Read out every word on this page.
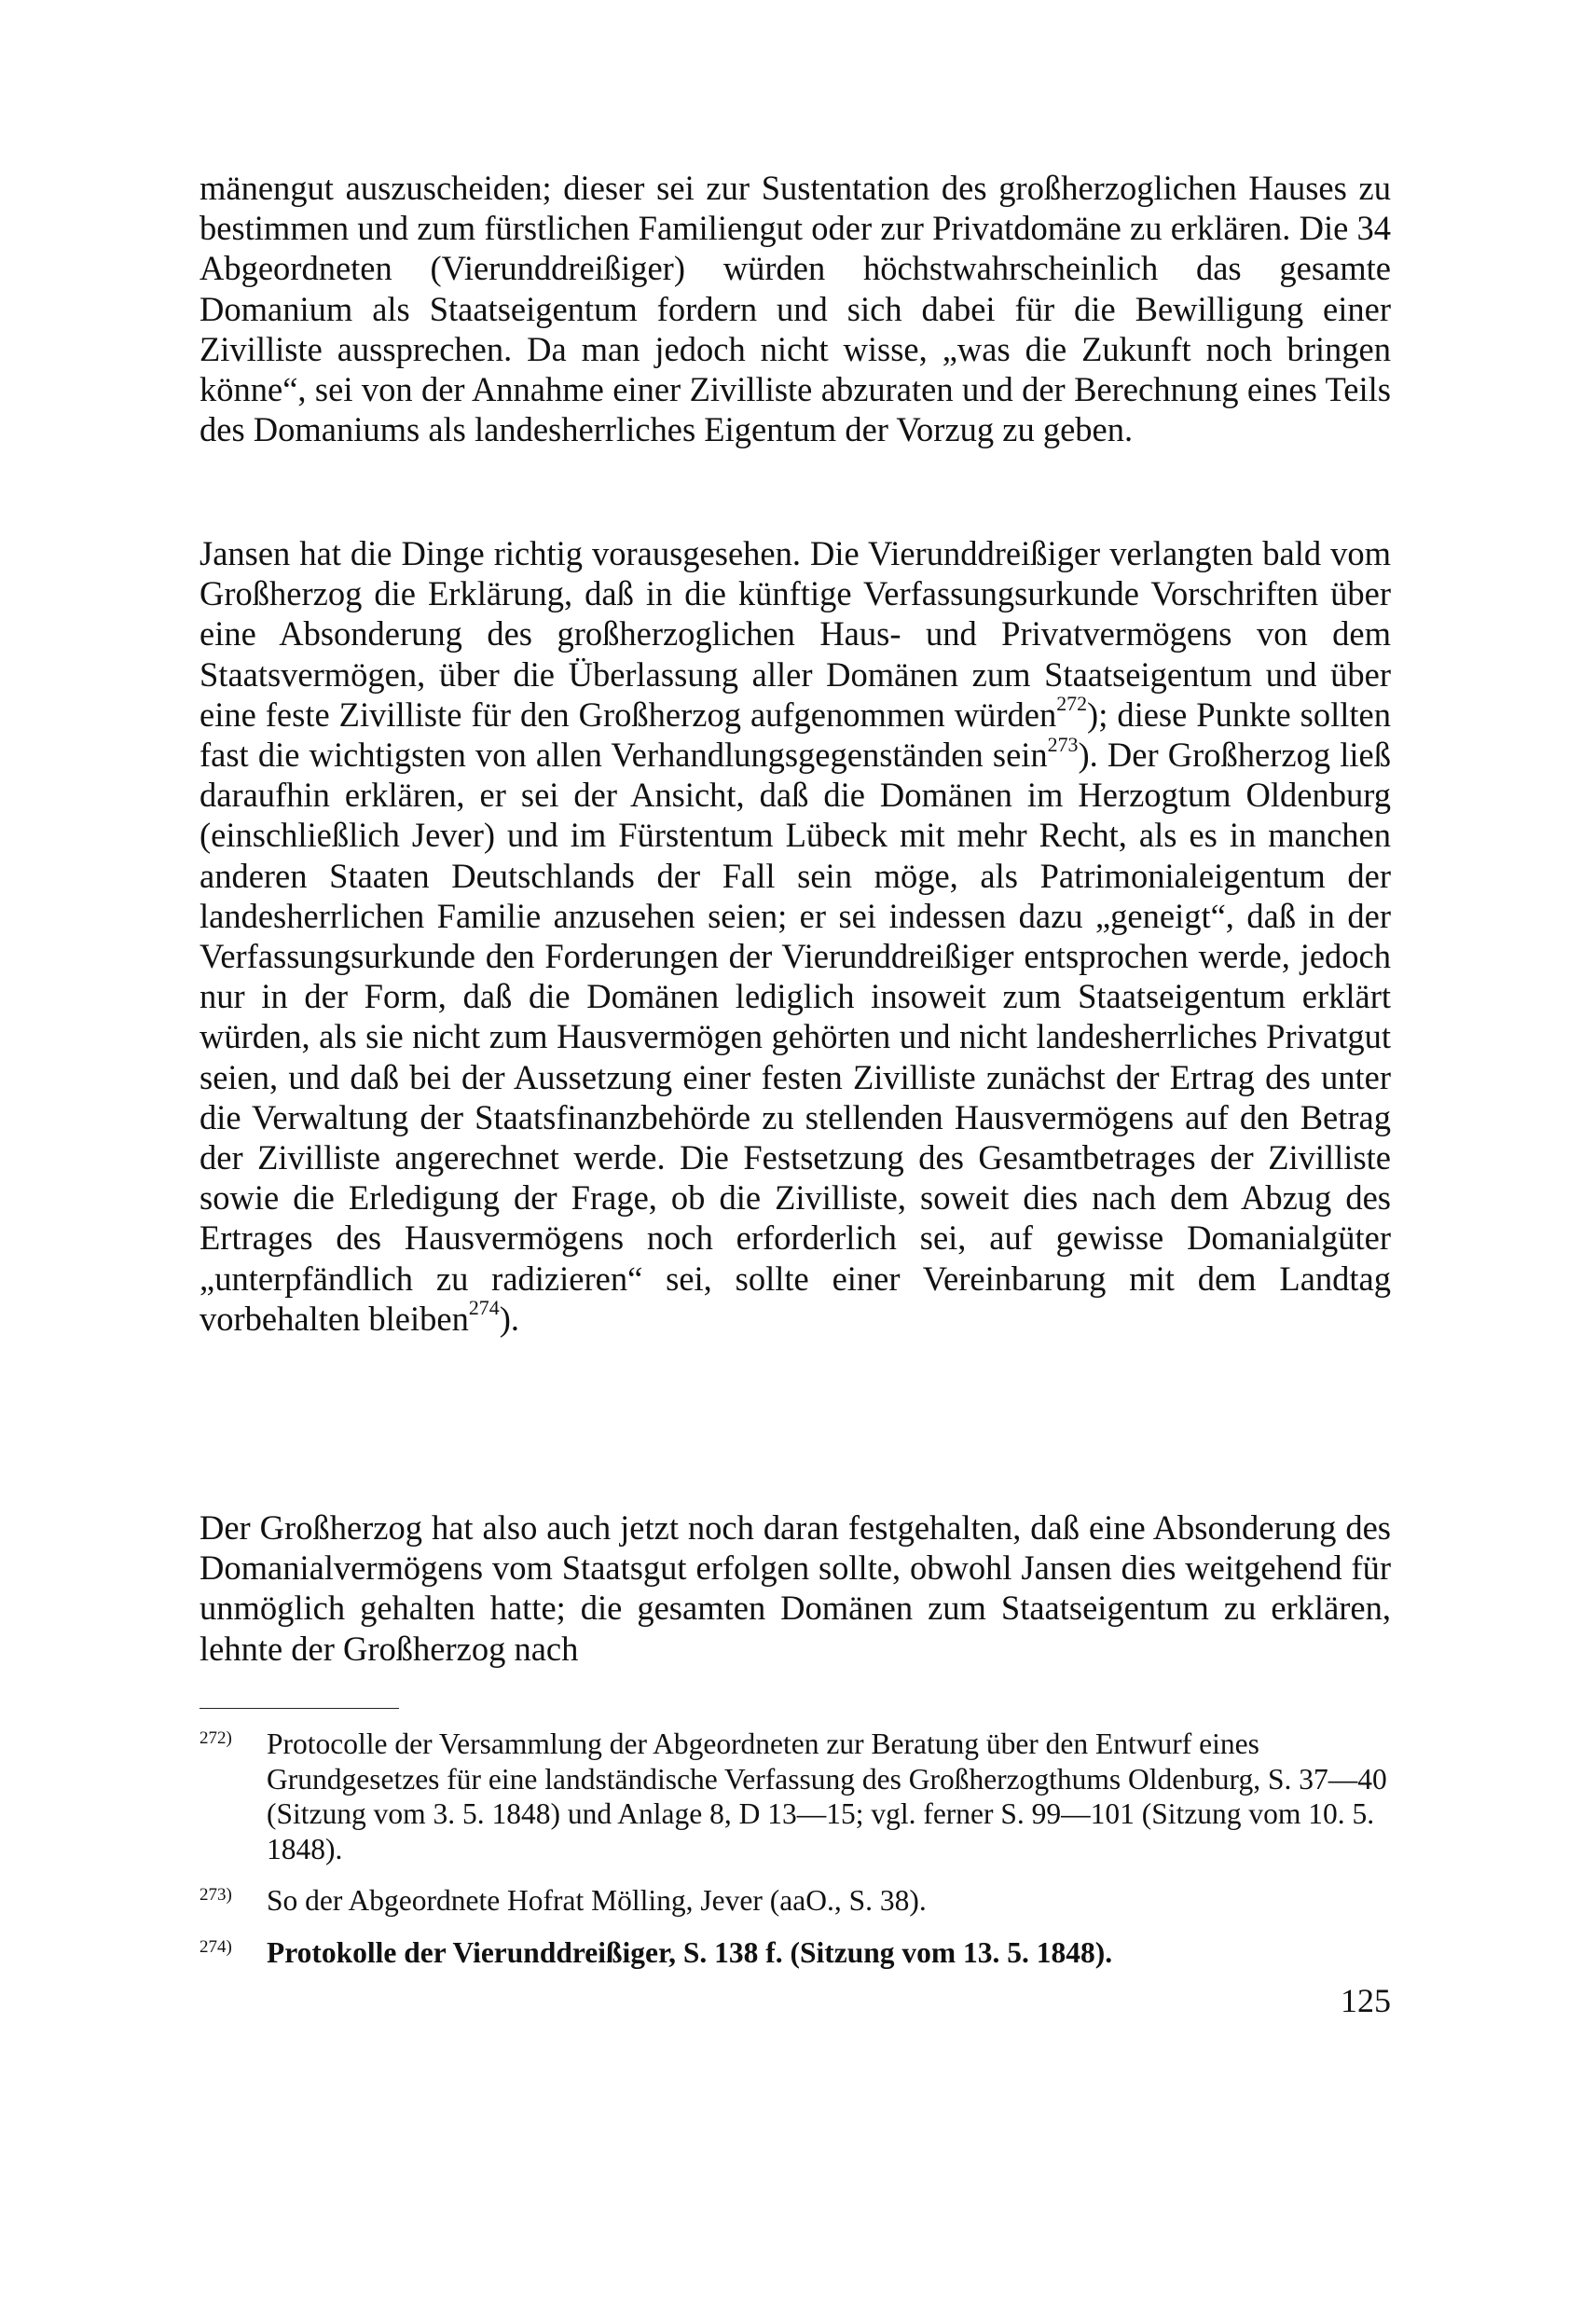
mänengut auszuscheiden; dieser sei zur Sustentation des großherzoglichen Hauses zu bestimmen und zum fürstlichen Familiengut oder zur Privatdomäne zu erklären. Die 34 Abgeordneten (Vierunddreißiger) würden höchstwahrscheinlich das gesamte Domanium als Staatseigentum fordern und sich dabei für die Bewilligung einer Zivilliste aussprechen. Da man jedoch nicht wisse, „was die Zukunft noch bringen könne“, sei von der Annahme einer Zivilliste abzuraten und der Berechnung eines Teils des Domaniums als landesherrliches Eigentum der Vorzug zu geben.

Jansen hat die Dinge richtig vorausgesehen. Die Vierunddreißiger verlangten bald vom Großherzog die Erklärung, daß in die künftige Verfassungsurkunde Vorschriften über eine Absonderung des großherzoglichen Haus- und Privatvermögens von dem Staatsvermögen, über die Überlassung aller Domänen zum Staatseigentum und über eine feste Zivilliste für den Großherzog aufgenommen würden$^{272}$); diese Punkte sollten fast die wichtigsten von allen Verhandlungsgegenständen sein$^{273}$). Der Großherzog ließ daraufhin erklären, er sei der Ansicht, daß die Domänen im Herzogtum Oldenburg (einschließlich Jever) und im Fürstentum Lübeck mit mehr Recht, als es in manchen anderen Staaten Deutschlands der Fall sein möge, als Patrimonialeigentum der landesherrlichen Familie anzusehen seien; er sei indessen dazu „geneigt“, daß in der Verfassungsurkunde den Forderungen der Vierunddreißiger entsprochen werde, jedoch nur in der Form, daß die Domänen lediglich insoweit zum Staatseigentum erklärt würden, als sie nicht zum Hausvermögen gehörten und nicht landesherrliches Privatgut seien, und daß bei der Aussetzung einer festen Zivilliste zunächst der Ertrag des unter die Verwaltung der Staatsfinanzbehörde zu stellenden Hausvermögens auf den Betrag der Zivilliste angerechnet werde. Die Festsetzung des Gesamtbetrages der Zivilliste sowie die Erledigung der Frage, ob die Zivilliste, soweit dies nach dem Abzug des Ertrages des Hausvermögens noch erforderlich sei, auf gewisse Domanialgüter „unterpfändlich zu radizieren“ sei, sollte einer Vereinbarung mit dem Landtag vorbehalten bleiben$^{274}$).

Der Großherzog hat also auch jetzt noch daran festgehalten, daß eine Absonderung des Domanialvermögens vom Staatsgut erfolgen sollte, obwohl Jansen dies weitgehend für unmöglich gehalten hatte; die gesamten Domänen zum Staatseigentum zu erklären, lehnte der Großherzog nach

272) Protocolle der Versammlung der Abgeordneten zur Beratung über den Entwurf eines Grundgesetzes für eine landständische Verfassung des Großherzogthums Oldenburg, S. 37—40 (Sitzung vom 3. 5. 1848) und Anlage 8, D 13—15; vgl. ferner S. 99—101 (Sitzung vom 10. 5. 1848).
273) So der Abgeordnete Hofrat Mölling, Jever (aaO., S. 38).
274) Protokolle der Vierunddreißiger, S. 138 f. (Sitzung vom 13. 5. 1848).
125
